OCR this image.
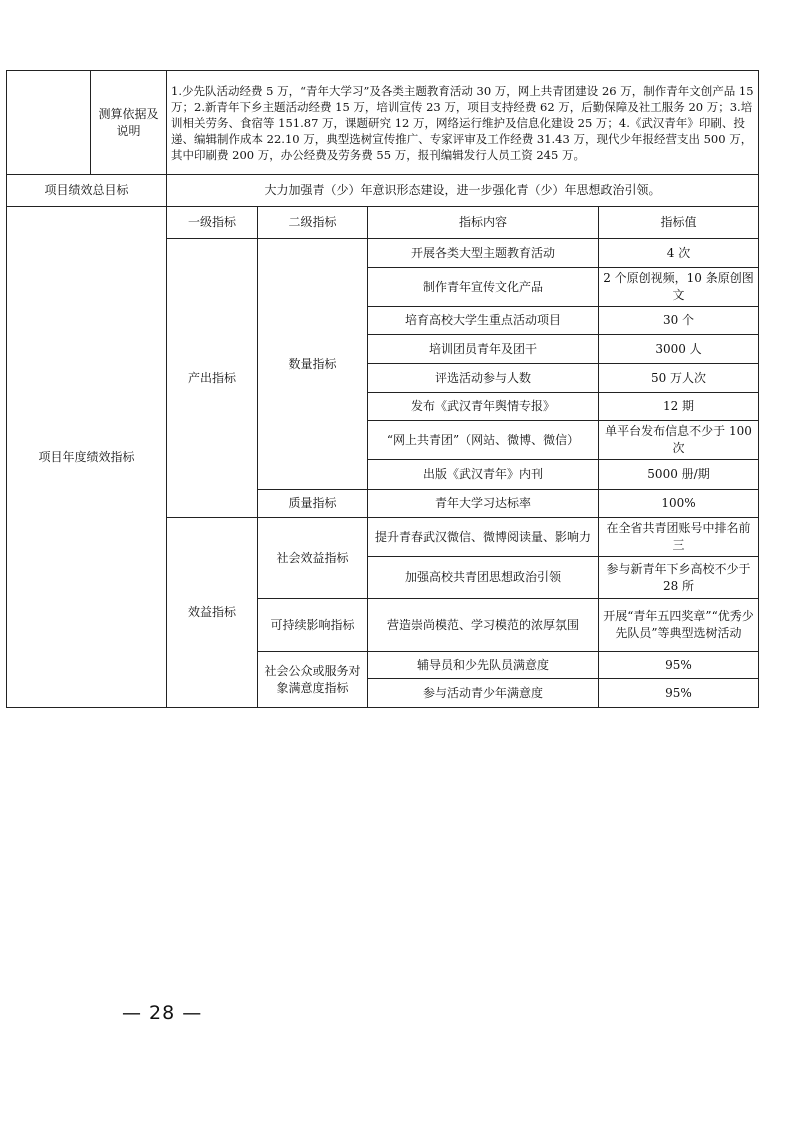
	测算依据及说明	1.少先队活动经费 5 万，“青年大学习”及各类主题教育活动 30 万，网上共青团建设 26 万，制作青年文创产品 15 万；2.新青年下乡主题活动经费 15 万，培训宣传 23 万，项目支持经费 62 万，后勤保障及社工服务 20 万；3.培训相关劳务、食宿等 151.87 万，课题研究 12 万，网络运行维护及信息化建设 25 万；4.《武汉青年》印刷、投递、编辑制作成本 22.10 万，典型选树宣传推广、专家评审及工作经费 31.43 万，现代少年报经营支出 500 万，其中印刷费 200 万，办公经费及劳务费 55 万，报刊编辑发行人员工资 245 万。			
项目绩效总目标		大力加强青（少）年意识形态建设，进一步强化青（少）年思想政治引领。			
项目年度绩效指标		一级指标	二级指标	指标内容	指标值
		产出指标	数量指标	开展各类大型主题教育活动	4 次
				制作青年宣传文化产品	2 个原创视频，10 条原创图文
				培育高校大学生重点活动项目	30 个
				培训团员青年及团干	3000 人
				评选活动参与人数	50 万人次
				发布《武汉青年舆情专报》	12 期
				“网上共青团”（网站、微博、微信）	单平台发布信息不少于 100 次
				出版《武汉青年》内刊	5000 册/期
			质量指标	青年大学习达标率	100%
		效益指标	社会效益指标	提升青春武汉微信、微博阅读量、影响力	在全省共青团账号中排名前三
				加强高校共青团思想政治引领	参与新青年下乡高校不少于 28 所
			可持续影响指标	营造崇尚模范、学习模范的浓厚氛围	开展“青年五四奖章”“优秀少先队员”等典型选树活动
			社会公众或服务对象满意度指标	辅导员和少先队员满意度	95%
				参与活动青少年满意度	95%
— 28 —
